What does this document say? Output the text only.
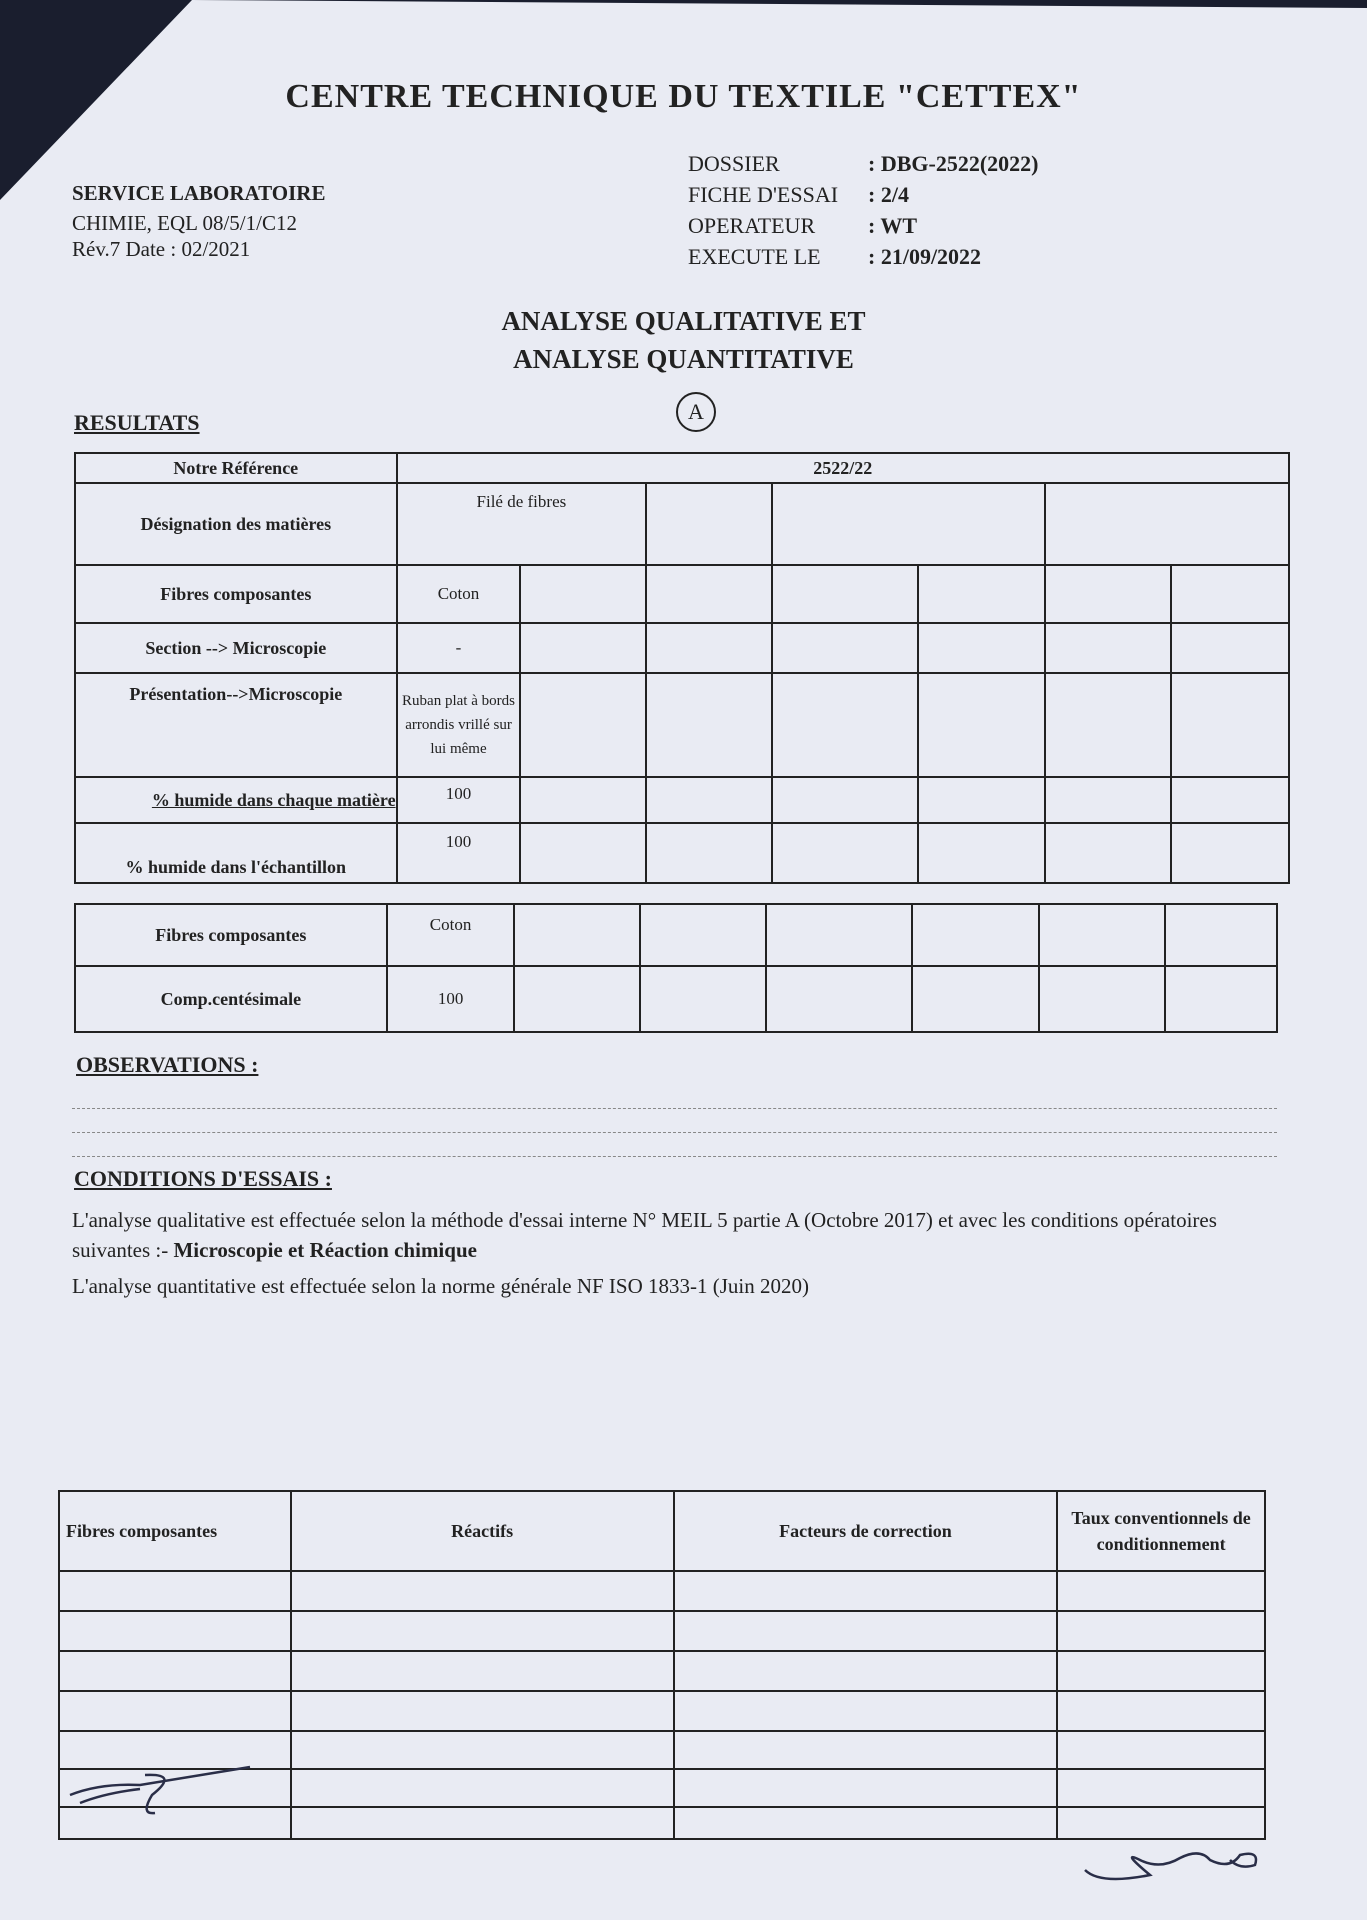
CENTRE TECHNIQUE DU TEXTILE "CETTEX"
SERVICE LABORATOIRE
CHIMIE, EQL 08/5/1/C12
Rév.7 Date : 02/2021
DOSSIER	: DBG-2522(2022)
FICHE D'ESSAI	: 2/4
OPERATEUR	: WT
EXECUTE LE	: 21/09/2022
ANALYSE QUALITATIVE ET
ANALYSE QUANTITATIVE
A
RESULTATS
Notre Référence	2522/22						
Désignation des matières	Filé de fibres						
Fibres composantes	Coton						
Section --> Microscopie	-						
Présentation-->Microscopie	Ruban plat à bords arrondis vrillé sur lui même						
% humide dans chaque matière	100						
% humide dans l'échantillon	100						
Fibres composantes	Coton						
Comp.centésimale	100						
OBSERVATIONS :
CONDITIONS D'ESSAIS :
L'analyse qualitative est effectuée selon la méthode d'essai interne N° MEIL 5 partie A (Octobre 2017) et avec les conditions opératoires suivantes :- Microscopie et Réaction chimique
L'analyse quantitative est effectuée selon la norme générale NF ISO 1833-1 (Juin 2020)
Fibres composantes	Réactifs	Facteurs de correction	Taux conventionnels de conditionnement
